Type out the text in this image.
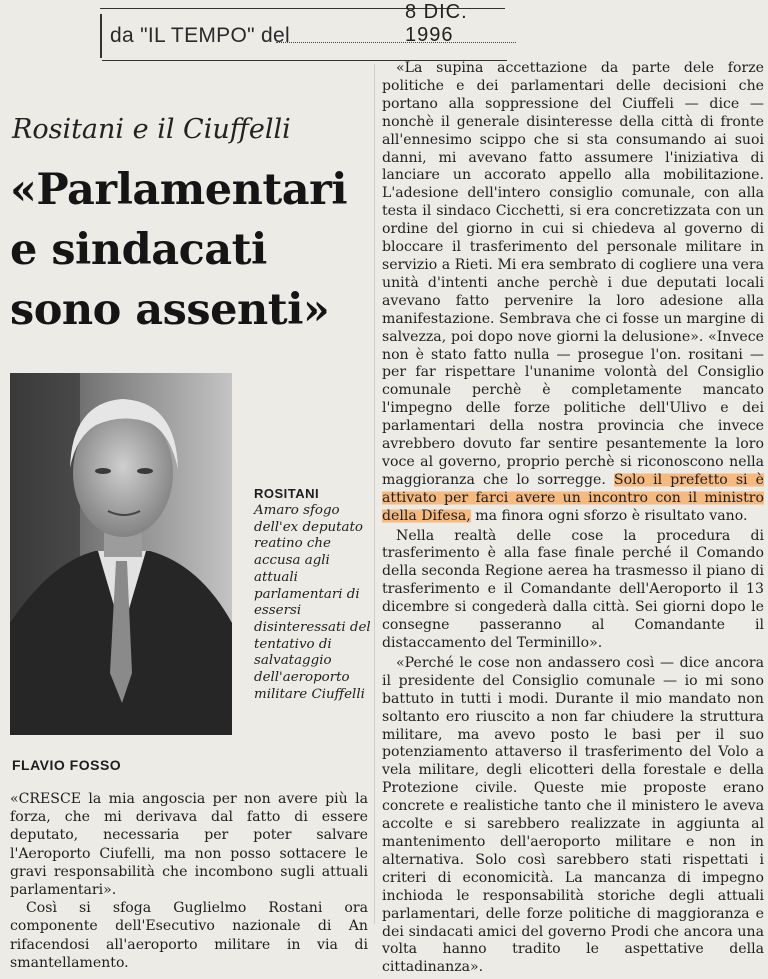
da "IL TEMPO" del
8 DIC. 1996
Rositani e il Ciuffelli
«Parlamentari
e sindacati
sono assenti»
ROSITANI
Amaro sfogo dell'ex deputato reatino che accusa agli attuali parlamentari di essersi disinteressati del tentativo di salvataggio dell'aeroporto militare Ciuffelli
FLAVIO FOSSO

«CRESCE la mia angoscia per non avere più la forza, che mi derivava dal fatto di essere deputato, necessaria per poter salvare l'Aeroporto Ciufelli, ma non posso sottacere le gravi responsabilità che incombono sugli attuali parlamentari».

Così si sfoga Guglielmo Rostani ora componente dell'Esecutivo nazionale di An rifacendosi all'aeroporto militare in via di smantellamento.

«La supina accettazione da parte dele forze politiche e dei parlamentari delle decisioni che portano alla soppressione del Ciuffeli — dice — nonchè il generale disinteresse della città di fronte all'ennesimo scippo che si sta consumando ai suoi danni, mi avevano fatto assumere l'iniziativa di lanciare un accorato appello alla mobilitazione. L'adesione dell'intero consiglio comunale, con alla testa il sindaco Cicchetti, si era concretizzata con un ordine del giorno in cui si chiedeva al governo di bloccare il trasferimento del personale militare in servizio a Rieti. Mi era sembrato di cogliere una vera unità d'intenti anche perchè i due deputati locali avevano fatto pervenire la loro adesione alla manifestazione. Sembrava che ci fosse un margine di salvezza, poi dopo nove giorni la delusione». «Invece non è stato fatto nulla — prosegue l'on. rositani — per far rispettare l'unanime volontà del Consiglio comunale perchè è completamente mancato l'impegno delle forze politiche dell'Ulivo e dei parlamentari della nostra provincia che invece avrebbero dovuto far sentire pesantemente la loro voce al governo, proprio perchè si riconoscono nella maggioranza che lo sorregge. Solo il prefetto si è attivato per farci avere un incontro con il ministro della Difesa, ma finora ogni sforzo è risultato vano.

Nella realtà delle cose la procedura di trasferimento è alla fase finale perché il Comando della seconda Regione aerea ha trasmesso il piano di trasferimento e il Comandante dell'Aeroporto il 13 dicembre si congederà dalla città. Sei giorni dopo le consegne passeranno al Comandante il distaccamento del Terminillo».

«Perché le cose non andassero così — dice ancora il presidente del Consiglio comunale — io mi sono battuto in tutti i modi. Durante il mio mandato non soltanto ero riuscito a non far chiudere la struttura militare, ma avevo posto le basi per il suo potenziamento attaverso il trasferimento del Volo a vela militare, degli elicotteri della forestale e della Protezione civile. Queste mie proposte erano concrete e realistiche tanto che il ministero le aveva accolte e si sarebbero realizzate in aggiunta al mantenimento dell'aeroporto militare e non in alternativa. Solo così sarebbero stati rispettati i criteri di economicità. La mancanza di impegno inchioda le responsabilità storiche degli attuali parlamentari, delle forze politiche di maggioranza e dei sindacati amici del governo Prodi che ancora una volta hanno tradito le aspettative della cittadinanza».
